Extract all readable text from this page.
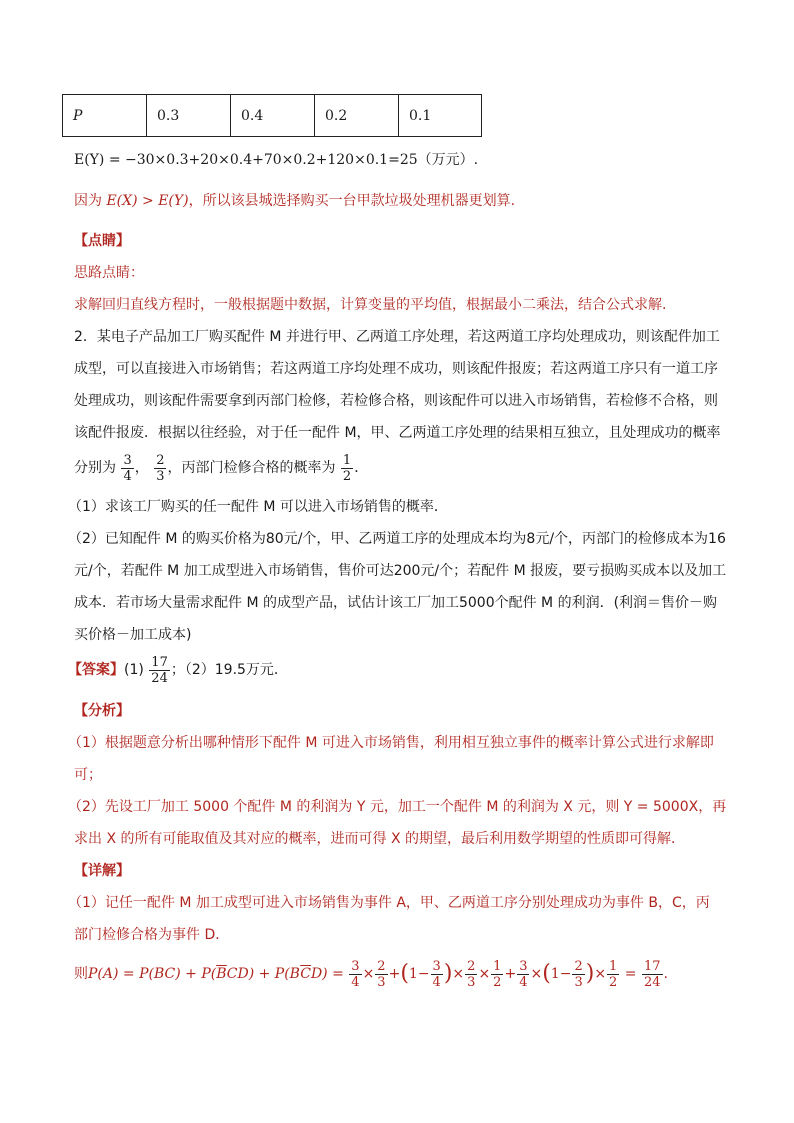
P	0.3	0.4	0.2	0.1
E(Y) = −30×0.3+20×0.4+70×0.2+120×0.1=25（万元）.
因为 E(X) > E(Y)，所以该县城选择购买一台甲款垃圾处理机器更划算.
【点睛】
思路点睛：
求解回归直线方程时，一般根据题中数据，计算变量的平均值，根据最小二乘法，结合公式求解.
2．某电子产品加工厂购买配件 M 并进行甲、乙两道工序处理，若这两道工序均处理成功，则该配件加工
成型，可以直接进入市场销售；若这两道工序均处理不成功，则该配件报废；若这两道工序只有一道工序
处理成功，则该配件需要拿到丙部门检修，若检修合格，则该配件可以进入市场销售，若检修不合格，则
该配件报废．根据以往经验，对于任一配件 M，甲、乙两道工序处理的结果相互独立，且处理成功的概率
分别为 $\frac{3}{4}$ ， $\frac{2}{3}$ ，丙部门检修合格的概率为 $\frac{1}{2}$ ．
（1）求该工厂购买的任一配件 M 可以进入市场销售的概率．
（2）已知配件 M 的购买价格为80元/个，甲、乙两道工序的处理成本均为8元/个，丙部门的检修成本为16
元/个，若配件 M 加工成型进入市场销售，售价可达200元/个；若配件 M 报废，要亏损购买成本以及加工
成本．若市场大量需求配件 M 的成型产品，试估计该工厂加工5000个配件 M 的利润．(利润＝售价－购
买价格－加工成本)
【答案】$(1) \frac{17}{24}$ ；（2）19.5万元．
【分析】
（1）根据题意分析出哪种情形下配件 M 可进入市场销售，利用相互独立事件的概率计算公式进行求解即
可；
（2）先设工厂加工 5000 个配件 M 的利润为 Y 元，加工一个配件 M 的利润为 X 元，则 Y = 5000X，再
求出 X 的所有可能取值及其对应的概率，进而可得 X 的期望，最后利用数学期望的性质即可得解．
【详解】
（1）记任一配件 M 加工成型可进入市场销售为事件 A，甲、乙两道工序分别处理成功为事件 B，C，丙
部门检修合格为事件 D．
则$P(A) = P(BC) + P(\overline{B}CD) + P(B\overline{C}D) = \frac{3}{4} \times \frac{2}{3} +(1- \frac{3}{4}$ )× $\frac{2}{3} \times \frac{1}{2} + \frac{3}{4} \times(1- \frac{2}{3}$ )× $\frac{1}{2} = \frac{17}{24}$ .
